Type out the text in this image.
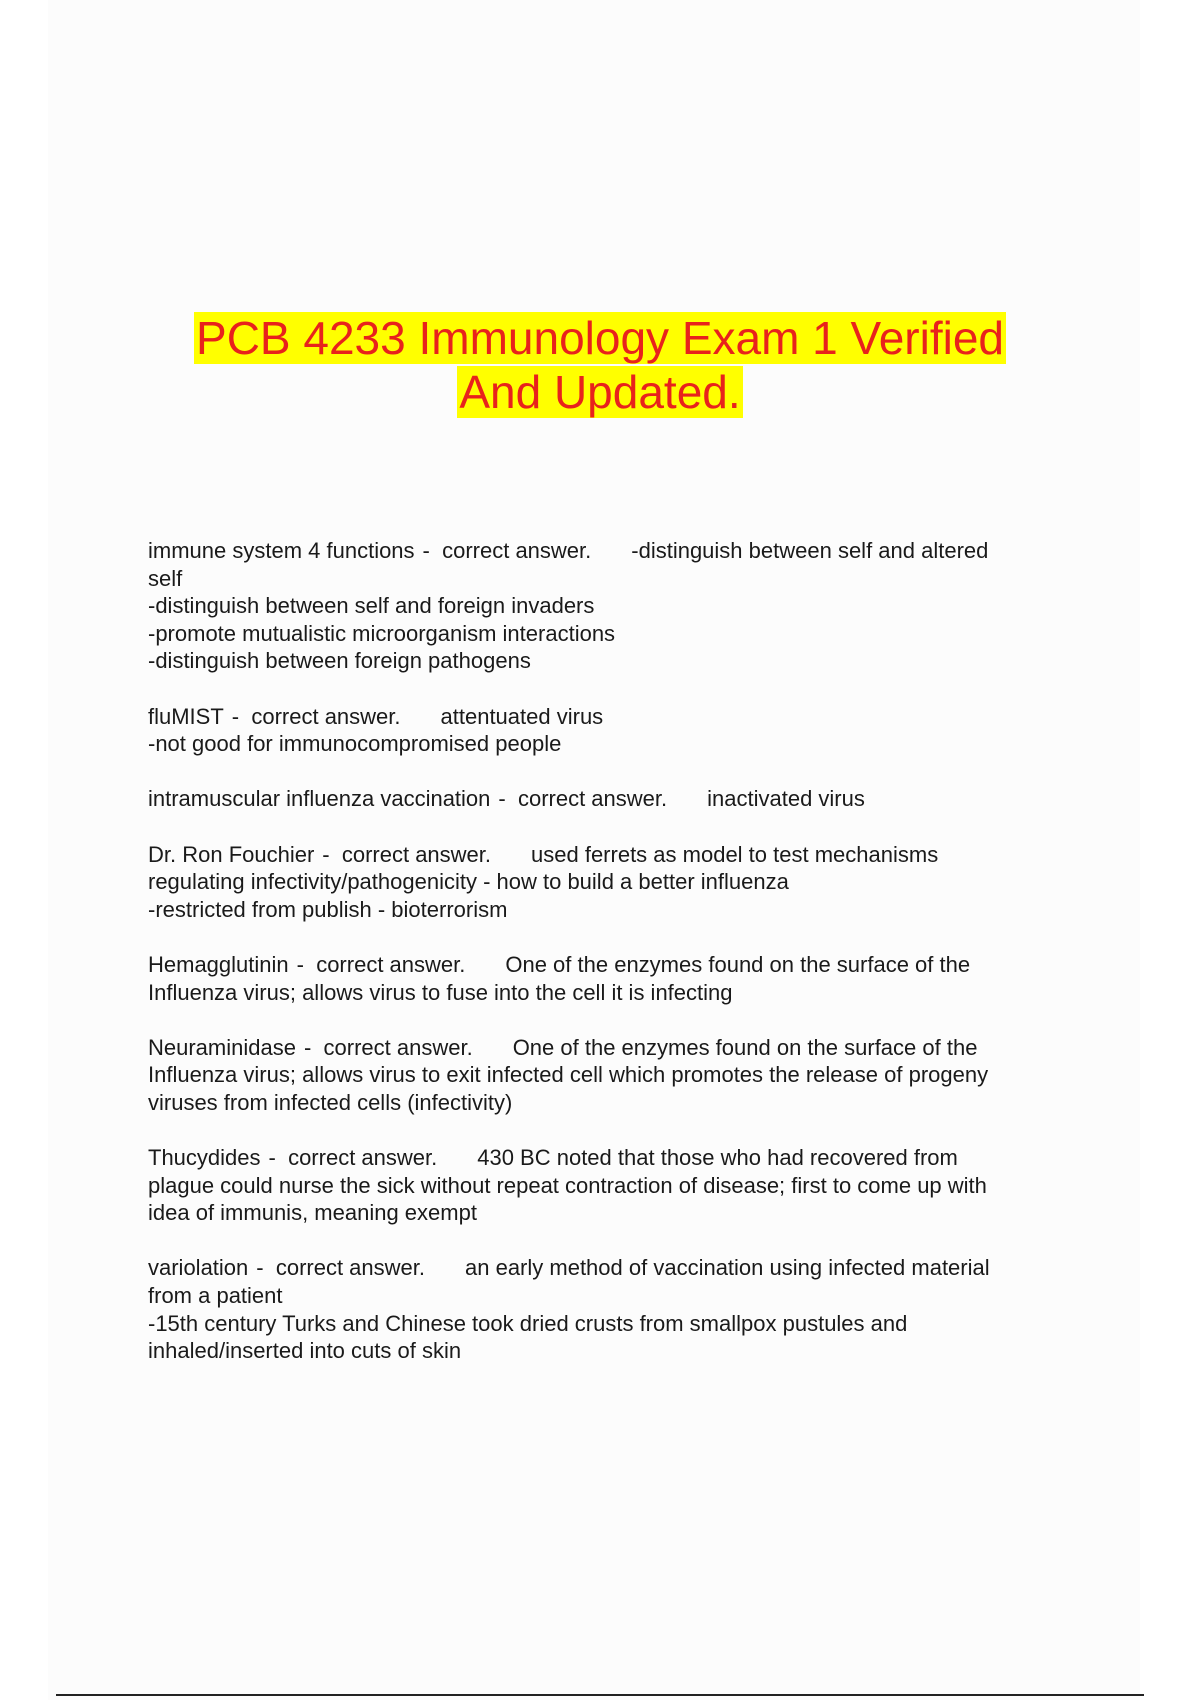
PCB 4233 Immunology Exam 1 Verified
And Updated.

immune system 4 functions -  correct answer. -distinguish between self and altered

self

-distinguish between self and foreign invaders

-promote mutualistic microorganism interactions

-distinguish between foreign pathogens

fluMIST -  correct answer. attentuated virus

-not good for immunocompromised people

intramuscular influenza vaccination -  correct answer. inactivated virus

Dr. Ron Fouchier -  correct answer. used ferrets as model to test mechanisms

regulating infectivity/pathogenicity - how to build a better influenza

-restricted from publish - bioterrorism

Hemagglutinin -  correct answer. One of the enzymes found on the surface of the

Influenza virus; allows virus to fuse into the cell it is infecting

Neuraminidase -  correct answer. One of the enzymes found on the surface of the

Influenza virus; allows virus to exit infected cell which promotes the release of progeny

viruses from infected cells (infectivity)

Thucydides -  correct answer. 430 BC noted that those who had recovered from

plague could nurse the sick without repeat contraction of disease; first to come up with

idea of immunis, meaning exempt

variolation -  correct answer. an early method of vaccination using infected material

from a patient

-15th century Turks and Chinese took dried crusts from smallpox pustules and

inhaled/inserted into cuts of skin
